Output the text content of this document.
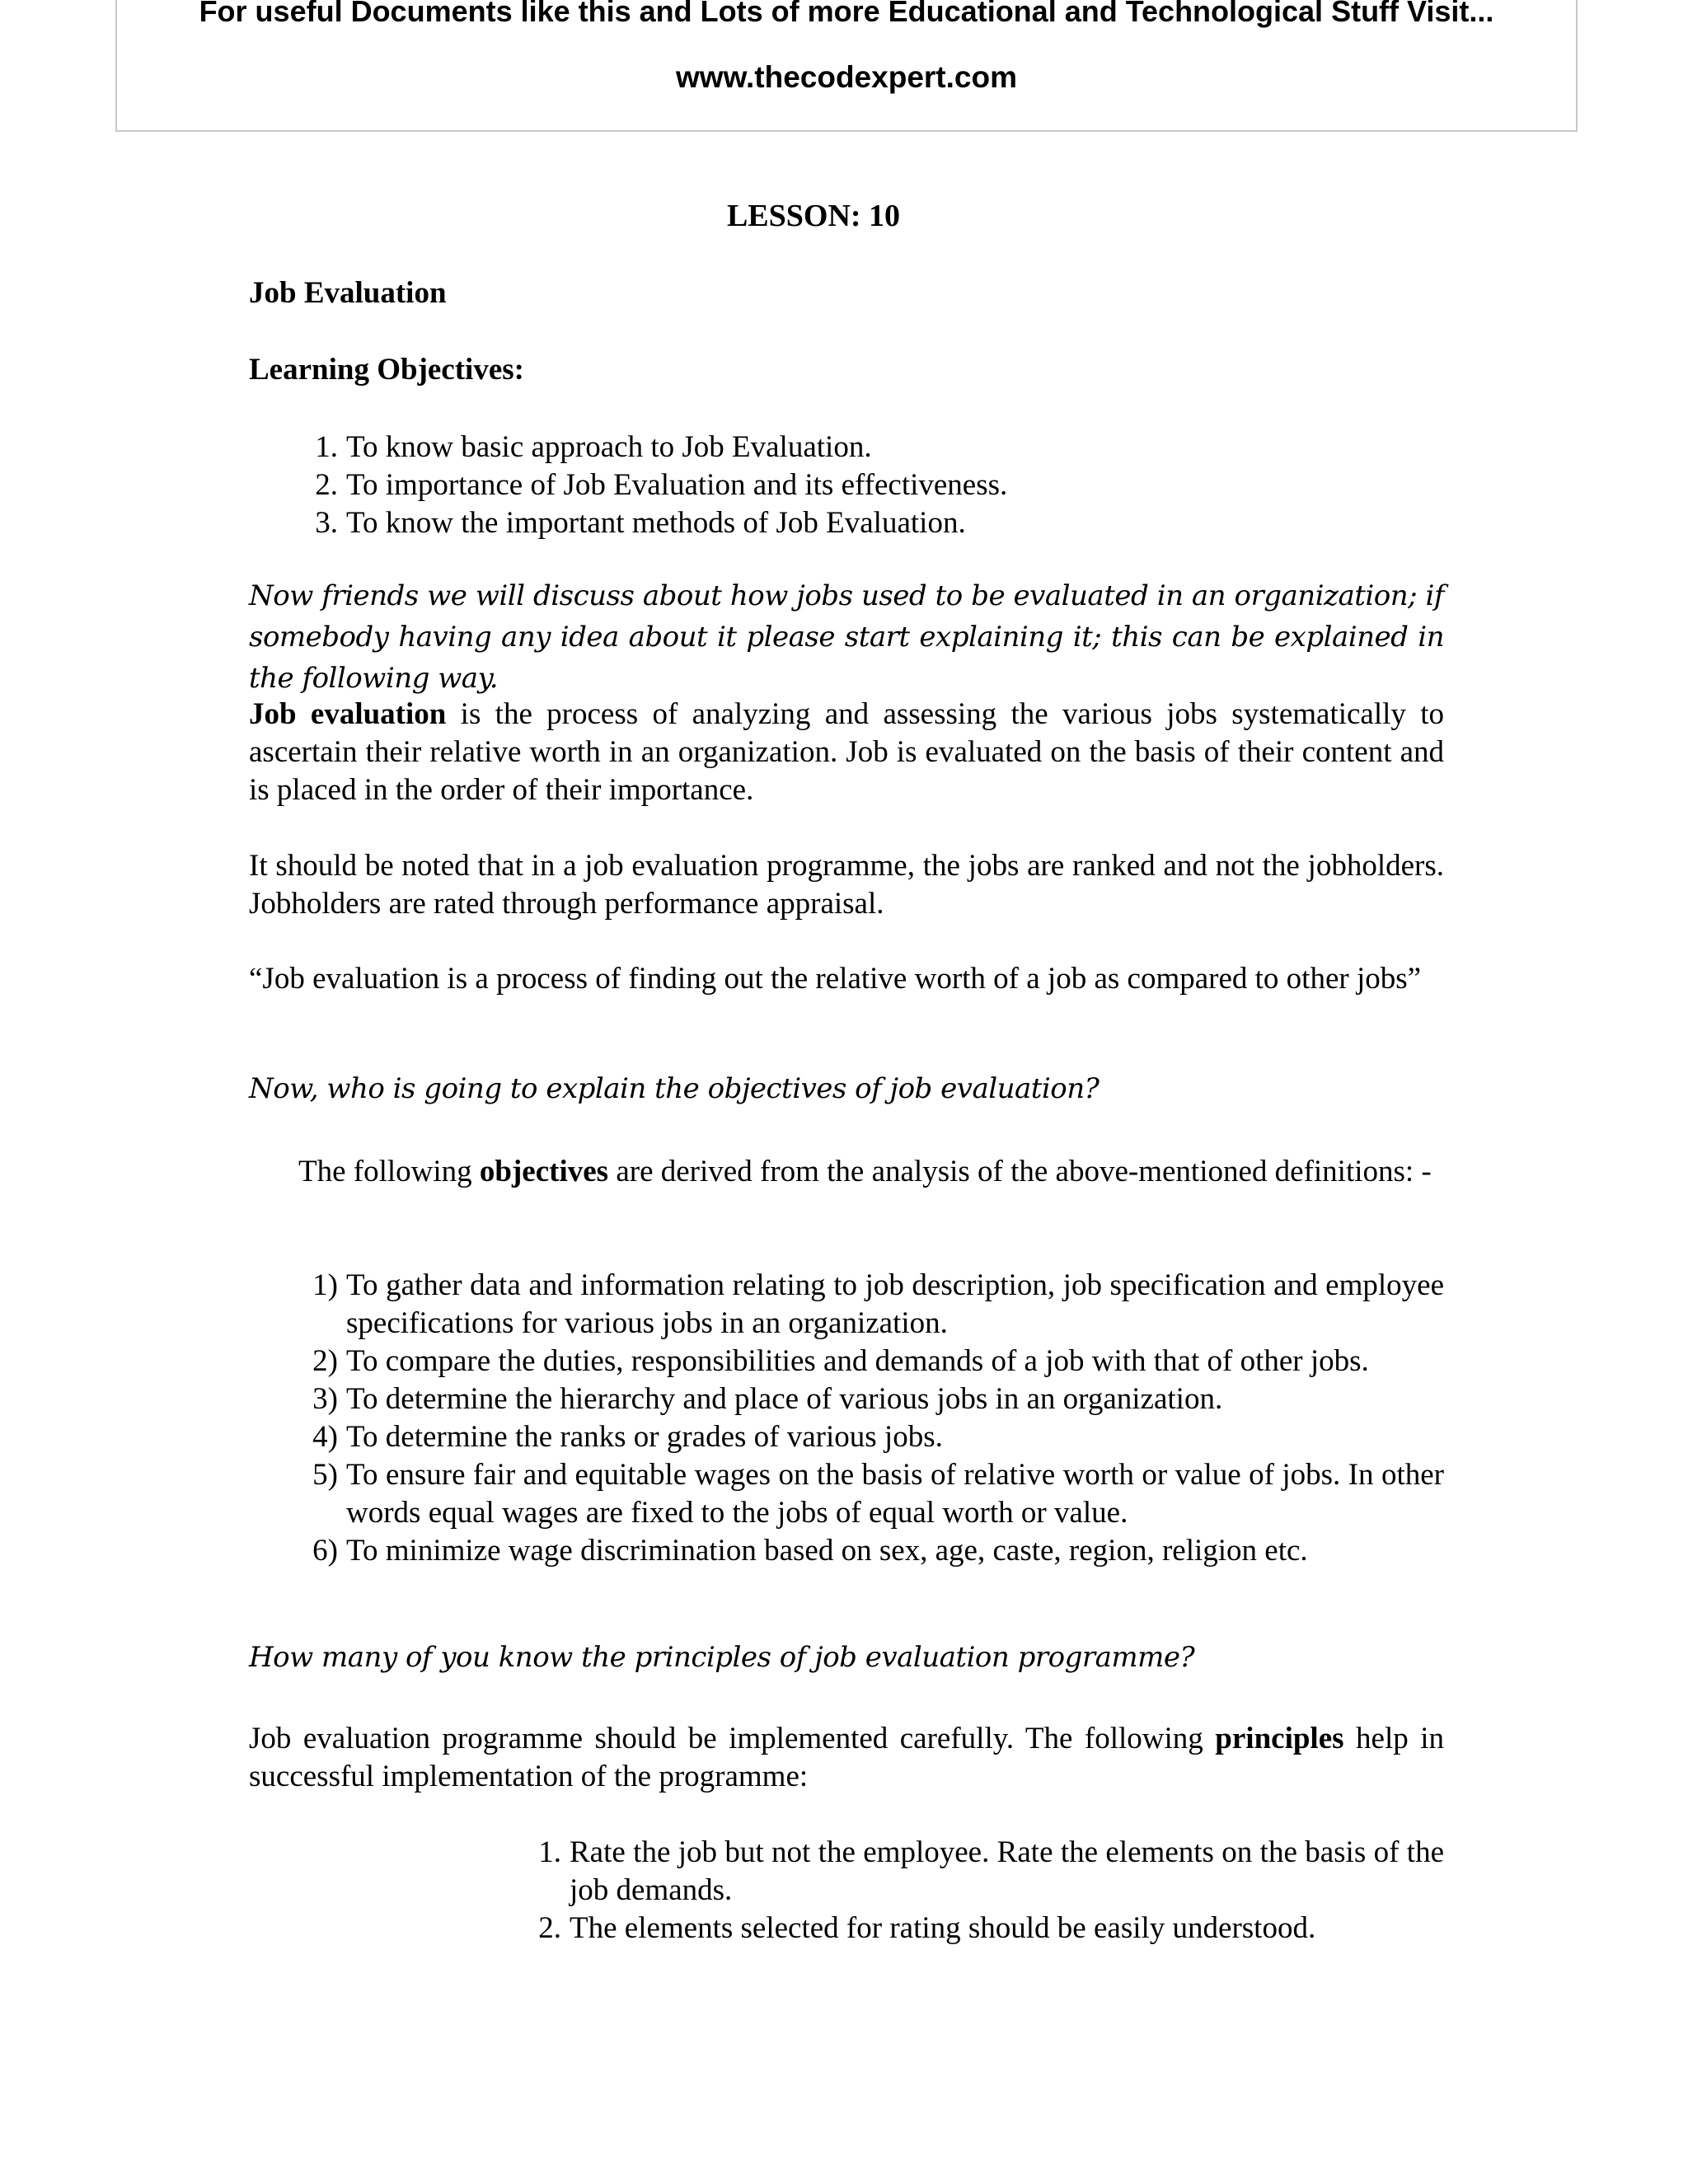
For useful Documents like this and Lots of more Educational and Technological Stuff Visit...
www.thecodexpert.com
LESSON: 10
Job Evaluation
Learning Objectives:
1. To know basic approach to Job Evaluation.
2. To importance of Job Evaluation and its effectiveness.
3. To know the important methods of Job Evaluation.
Now friends we will discuss about how jobs used to be evaluated in an organization; if somebody having any idea about it please start explaining it; this can be explained in the following way.

Job evaluation is the process of analyzing and assessing the various jobs systematically to ascertain their relative worth in an organization. Job is evaluated on the basis of their content and is placed in the order of their importance.

It should be noted that in a job evaluation programme, the jobs are ranked and not the jobholders. Jobholders are rated through performance appraisal.
“Job evaluation is a process of finding out the relative worth of a job as compared to other jobs”
Now, who is going to explain the objectives of job evaluation?

The following objectives are derived from the analysis of the above-mentioned definitions: -

1) To gather data and information relating to job description, job specification and employee specifications for various jobs in an organization.
2) To compare the duties, responsibilities and demands of a job with that of other jobs.
3) To determine the hierarchy and place of various jobs in an organization.
4) To determine the ranks or grades of various jobs.
5) To ensure fair and equitable wages on the basis of relative worth or value of jobs. In other words equal wages are fixed to the jobs of equal worth or value.
6) To minimize wage discrimination based on sex, age, caste, region, religion etc.
How many of you know the principles of job evaluation programme?

Job evaluation programme should be implemented carefully. The following principles help in successful implementation of the programme:

1. Rate the job but not the employee. Rate the elements on the basis of the job demands.
2. The elements selected for rating should be easily understood.
